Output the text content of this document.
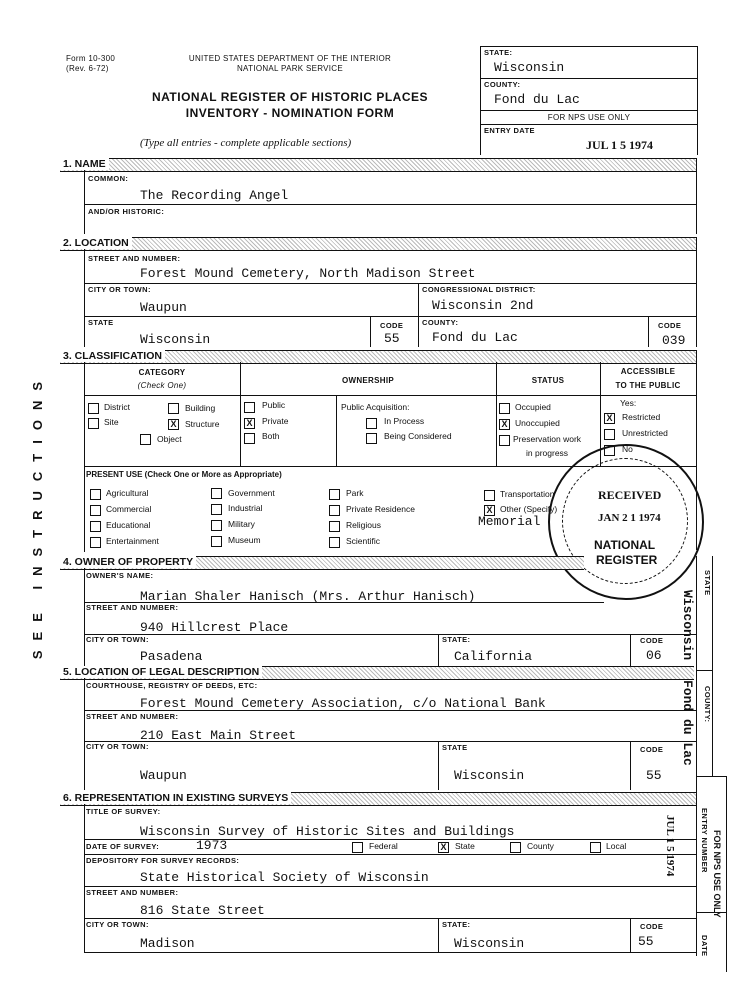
Form 10-300
(Rev. 6-72)
UNITED STATES DEPARTMENT OF THE INTERIOR
NATIONAL PARK SERVICE
NATIONAL REGISTER OF HISTORIC PLACES
INVENTORY - NOMINATION FORM
(Type all entries - complete applicable sections)
STATE:
Wisconsin
COUNTY:
Fond du Lac
FOR NPS USE ONLY
ENTRY DATE
JUL 1 5 1974
1. NAME
COMMON:
The Recording Angel
AND/OR HISTORIC:
2. LOCATION
STREET AND NUMBER:
Forest Mound Cemetery, North Madison Street
CITY OR TOWN:
Waupun
CONGRESSIONAL DISTRICT:
Wisconsin 2nd
STATE
Wisconsin
CODE
55
COUNTY:
Fond du Lac
CODE
039
3. CLASSIFICATION
CATEGORY
(Check One)
OWNERSHIP	STATUS
ACCESSIBLE
TO THE PUBLIC
District	Building
Site	X Structure
Object
Public
X Private
Both
Public Acquisition:
In Process
Being Considered
Occupied
X Unoccupied
Preservation work
in progress
Yes:
X Restricted
Unrestricted
No
PRESENT USE (Check One or More as Appropriate)
Agricultural
Commercial
Educational
Entertainment
Government
Industrial
Military
Museum
Park
Private Residence
Religious
Scientific
Transportation
X Other (Specify)
Memorial
RECEIVED
JAN 2 1 1974
NATIONAL
REGISTER
4. OWNER OF PROPERTY
OWNER'S NAME:
Marian Shaler Hanisch (Mrs. Arthur Hanisch)
STREET AND NUMBER:
940 Hillcrest Place
CITY OR TOWN:
Pasadena
STATE:
California
CODE
06
5. LOCATION OF LEGAL DESCRIPTION
COURTHOUSE, REGISTRY OF DEEDS, ETC:
Forest Mound Cemetery Association, c/o National Bank
STREET AND NUMBER:
210 East Main Street
CITY OR TOWN:
Waupun
STATE
Wisconsin
CODE
55
6. REPRESENTATION IN EXISTING SURVEYS
TITLE OF SURVEY:
Wisconsin Survey of Historic Sites and Buildings
DATE OF SURVEY:	1973	Federal	X State	County	Local
DEPOSITORY FOR SURVEY RECORDS:
State Historical Society of Wisconsin
STREET AND NUMBER:
816 State Street
CITY OR TOWN:
Madison
STATE:
Wisconsin
CODE
55
STATE
Wisconsin
COUNTY:
Fond du Lac
ENTRY NUMBER
DATE
FOR NPS USE ONLY
JUL 1 5 1974
SEE INSTRUCTIONS
